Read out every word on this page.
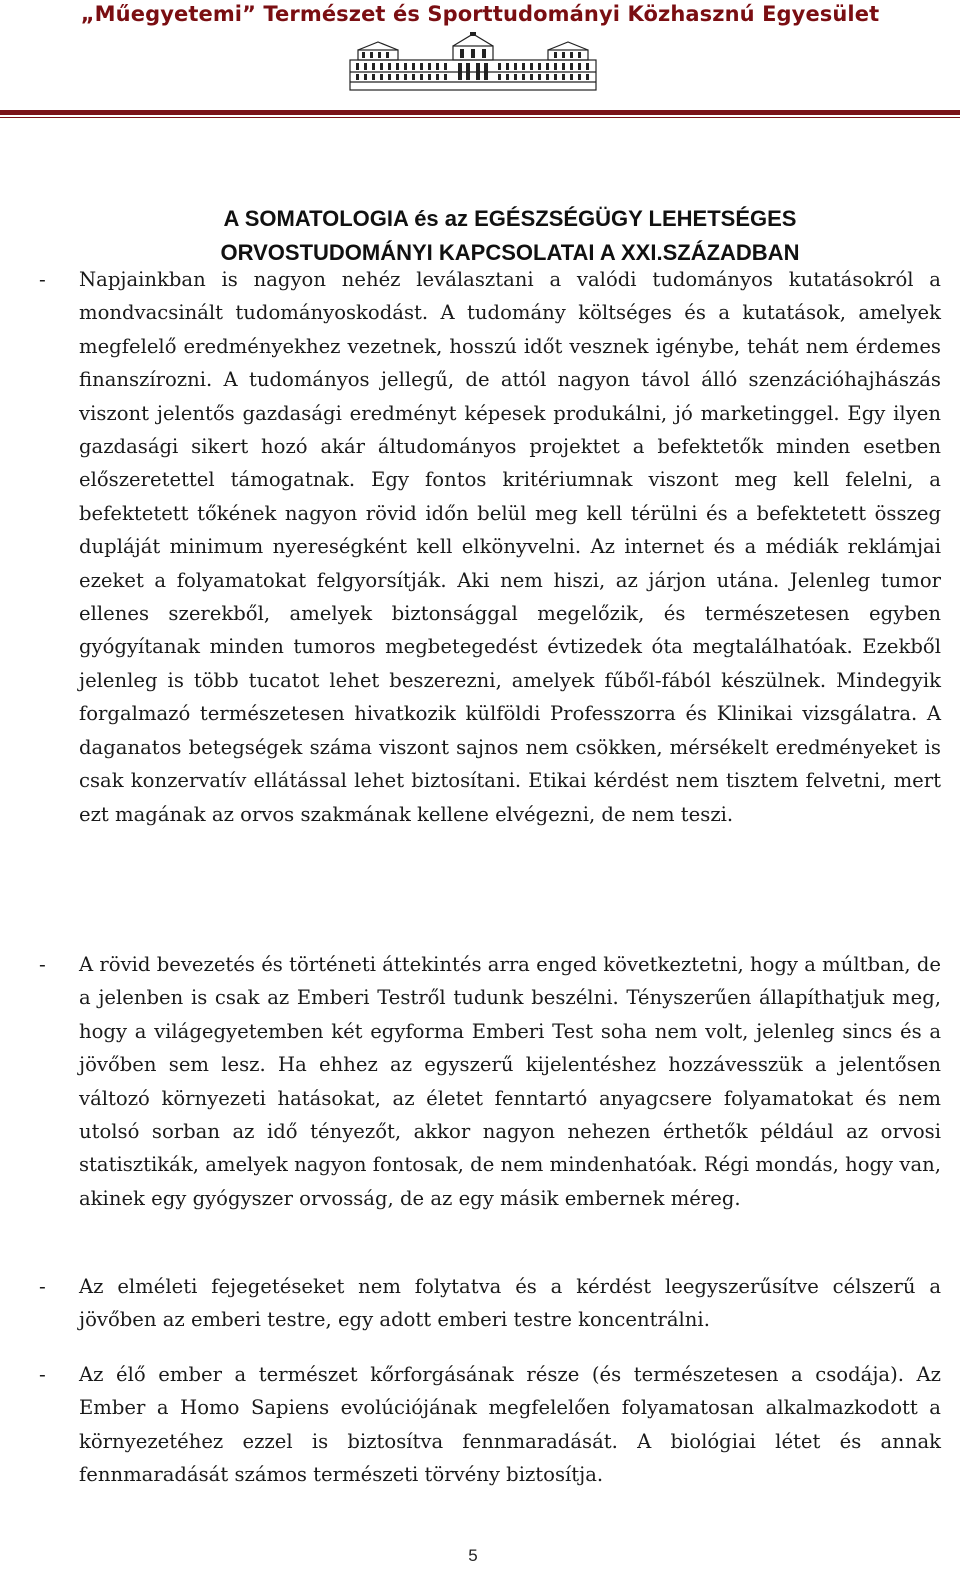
„Műegyetemi” Természet és Sporttudományi Közhasznú Egyesület
A SOMATOLOGIA és az EGÉSZSÉGÜGY LEHETSÉGES
ORVOSTUDOMÁNYI KAPCSOLATAI A XXI.SZÁZADBAN
- Napjainkban is nagyon nehéz leválasztani a valódi tudományos kutatásokról a mondvacsinált tudományoskodást. A tudomány költséges és a kutatások, amelyek megfelelő eredményekhez vezetnek, hosszú időt vesznek igénybe, tehát nem érdemes finanszírozni. A tudományos jellegű, de attól nagyon távol álló szenzációhajhászás viszont jelentős gazdasági eredményt képesek produkálni, jó marketinggel. Egy ilyen gazdasági sikert hozó akár áltudományos projektet a befektetők minden esetben előszeretettel támogatnak. Egy fontos kritériumnak viszont meg kell felelni, a befektetett tőkének nagyon rövid időn belül meg kell térülni és a befektetett összeg dupláját minimum nyereségként kell elkönyvelni. Az internet és a médiák reklámjai ezeket a folyamatokat felgyorsítják. Aki nem hiszi, az járjon utána. Jelenleg tumor ellenes szerekből, amelyek biztonsággal megelőzik, és természetesen egyben gyógyítanak minden tumoros megbetegedést évtizedek óta megtalálhatóak. Ezekből jelenleg is több tucatot lehet beszerezni, amelyek fűből-fából készülnek. Mindegyik forgalmazó természetesen hivatkozik külföldi Professzorra és Klinikai vizsgálatra. A daganatos betegségek száma viszont sajnos nem csökken, mérsékelt eredményeket is csak konzervatív ellátással lehet biztosítani. Etikai kérdést nem tisztem felvetni, mert ezt magának az orvos szakmának kellene elvégezni, de nem teszi.

- A rövid bevezetés és történeti áttekintés arra enged következtetni, hogy a múltban, de a jelenben is csak az Emberi Testről tudunk beszélni. Tényszerűen állapíthatjuk meg, hogy a világegyetemben két egyforma Emberi Test soha nem volt, jelenleg sincs és a jövőben sem lesz. Ha ehhez az egyszerű kijelentéshez hozzávesszük a jelentősen változó környezeti hatásokat, az életet fenntartó anyagcsere folyamatokat és nem utolsó sorban az idő tényezőt, akkor nagyon nehezen érthetők például az orvosi statisztikák, amelyek nagyon fontosak, de nem mindenhatóak. Régi mondás, hogy van, akinek egy gyógyszer orvosság, de az egy másik embernek méreg.

- Az elméleti fejegetéseket nem folytatva és a kérdést leegyszerűsítve célszerű a jövőben az emberi testre, egy adott emberi testre koncentrálni.

- Az élő ember a természet kőrforgásának része (és természetesen a csodája). Az Ember a Homo Sapiens evolúciójának megfelelően folyamatosan alkalmazkodott a környezetéhez ezzel is biztosítva fennmaradását. A biológiai létet és annak fennmaradását számos természeti törvény biztosítja.

5
